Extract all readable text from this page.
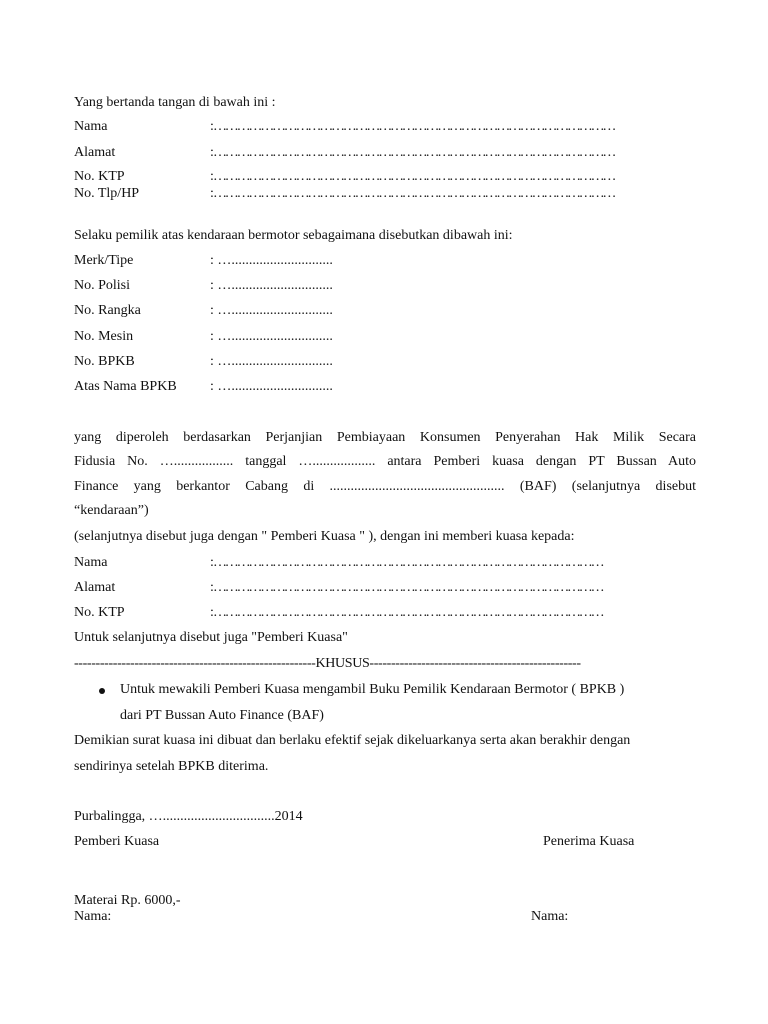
Yang bertanda tangan di bawah ini :
Nama	: …………………………………………………………………………………………
Alamat	: …………………………………………………………………………………………
No. KTP	: …………………………………………………………………………………………
No. Tlp/HP	: …………………………………………………………………………………………
Selaku pemilik atas kendaraan bermotor sebagaimana disebutkan dibawah ini:
Merk/Tipe	: ….............................
No. Polisi	: ….............................
No. Rangka	: ….............................
No. Mesin	: ….............................
No. BPKB	: ….............................
Atas Nama BPKB : ….............................
yang diperoleh berdasarkan Perjanjian Pembiayaan Konsumen Penyerahan Hak Milik Secara
Fidusia No. …................. tanggal ….................. antara Pemberi kuasa dengan PT Bussan Auto
Finance yang berkantor Cabang di .................................................. (BAF) (selanjutnya disebut
“kendaraan”)
(selanjutnya disebut juga dengan " Pemberi Kuasa " ), dengan ini memberi kuasa kepada:
Nama	: ………………………………………………………………………………………
Alamat	: ………………………………………………………………………………………
No. KTP	: ………………………………………………………………………………………
Untuk selanjutnya disebut juga "Pemberi Kuasa"
--------------------------------------------------------KHUSUS-------------------------------------------------
Untuk mewakili Pemberi Kuasa mengambil Buku Pemilik Kendaraan Bermotor ( BPKB )
dari PT Bussan Auto Finance (BAF)
Demikian surat kuasa ini dibuat dan berlaku efektif sejak dikeluarkanya serta akan berakhir dengan
sendirinya setelah BPKB diterima.
Purbalingga, …................................2014
Pemberi Kuasa	Penerima Kuasa
Materai Rp. 6000,-
Nama:	Nama:
